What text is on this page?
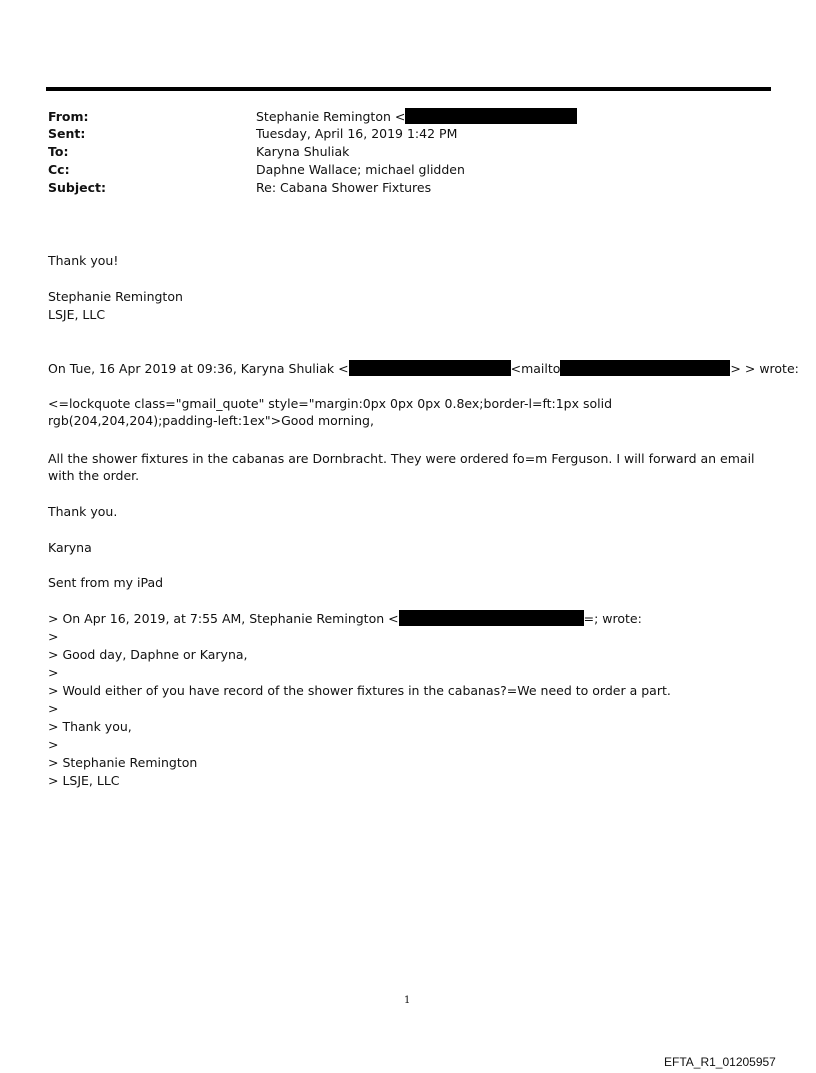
From:	Stephanie Remington <
Sent:	Tuesday, April 16, 2019 1:42 PM
To:	Karyna Shuliak
Cc:	Daphne Wallace; michael glidden
Subject:	Re: Cabana Shower Fixtures
Thank you!
Stephanie Remington
LSJE, LLC
On Tue, 16 Apr 2019 at 09:36, Karyna Shuliak <	<mailto	> > wrote:
<=lockquote class="gmail_quote" style="margin:0px 0px 0px 0.8ex;border-l=ft:1px solid rgb(204,204,204);padding-left:1ex">Good morning,
All the shower fixtures in the cabanas are Dornbracht. They were ordered fo=m Ferguson. I will forward an email with the order.
Thank you.
Karyna
Sent from my iPad
> On Apr 16, 2019, at 7:55 AM, Stephanie Remington <	=; wrote:
>
> Good day, Daphne or Karyna,
>
> Would either of you have record of the shower fixtures in the cabanas?=We need to order a part.
>
> Thank you,
>
> Stephanie Remington
> LSJE, LLC
1
EFTA_R1_01205957
